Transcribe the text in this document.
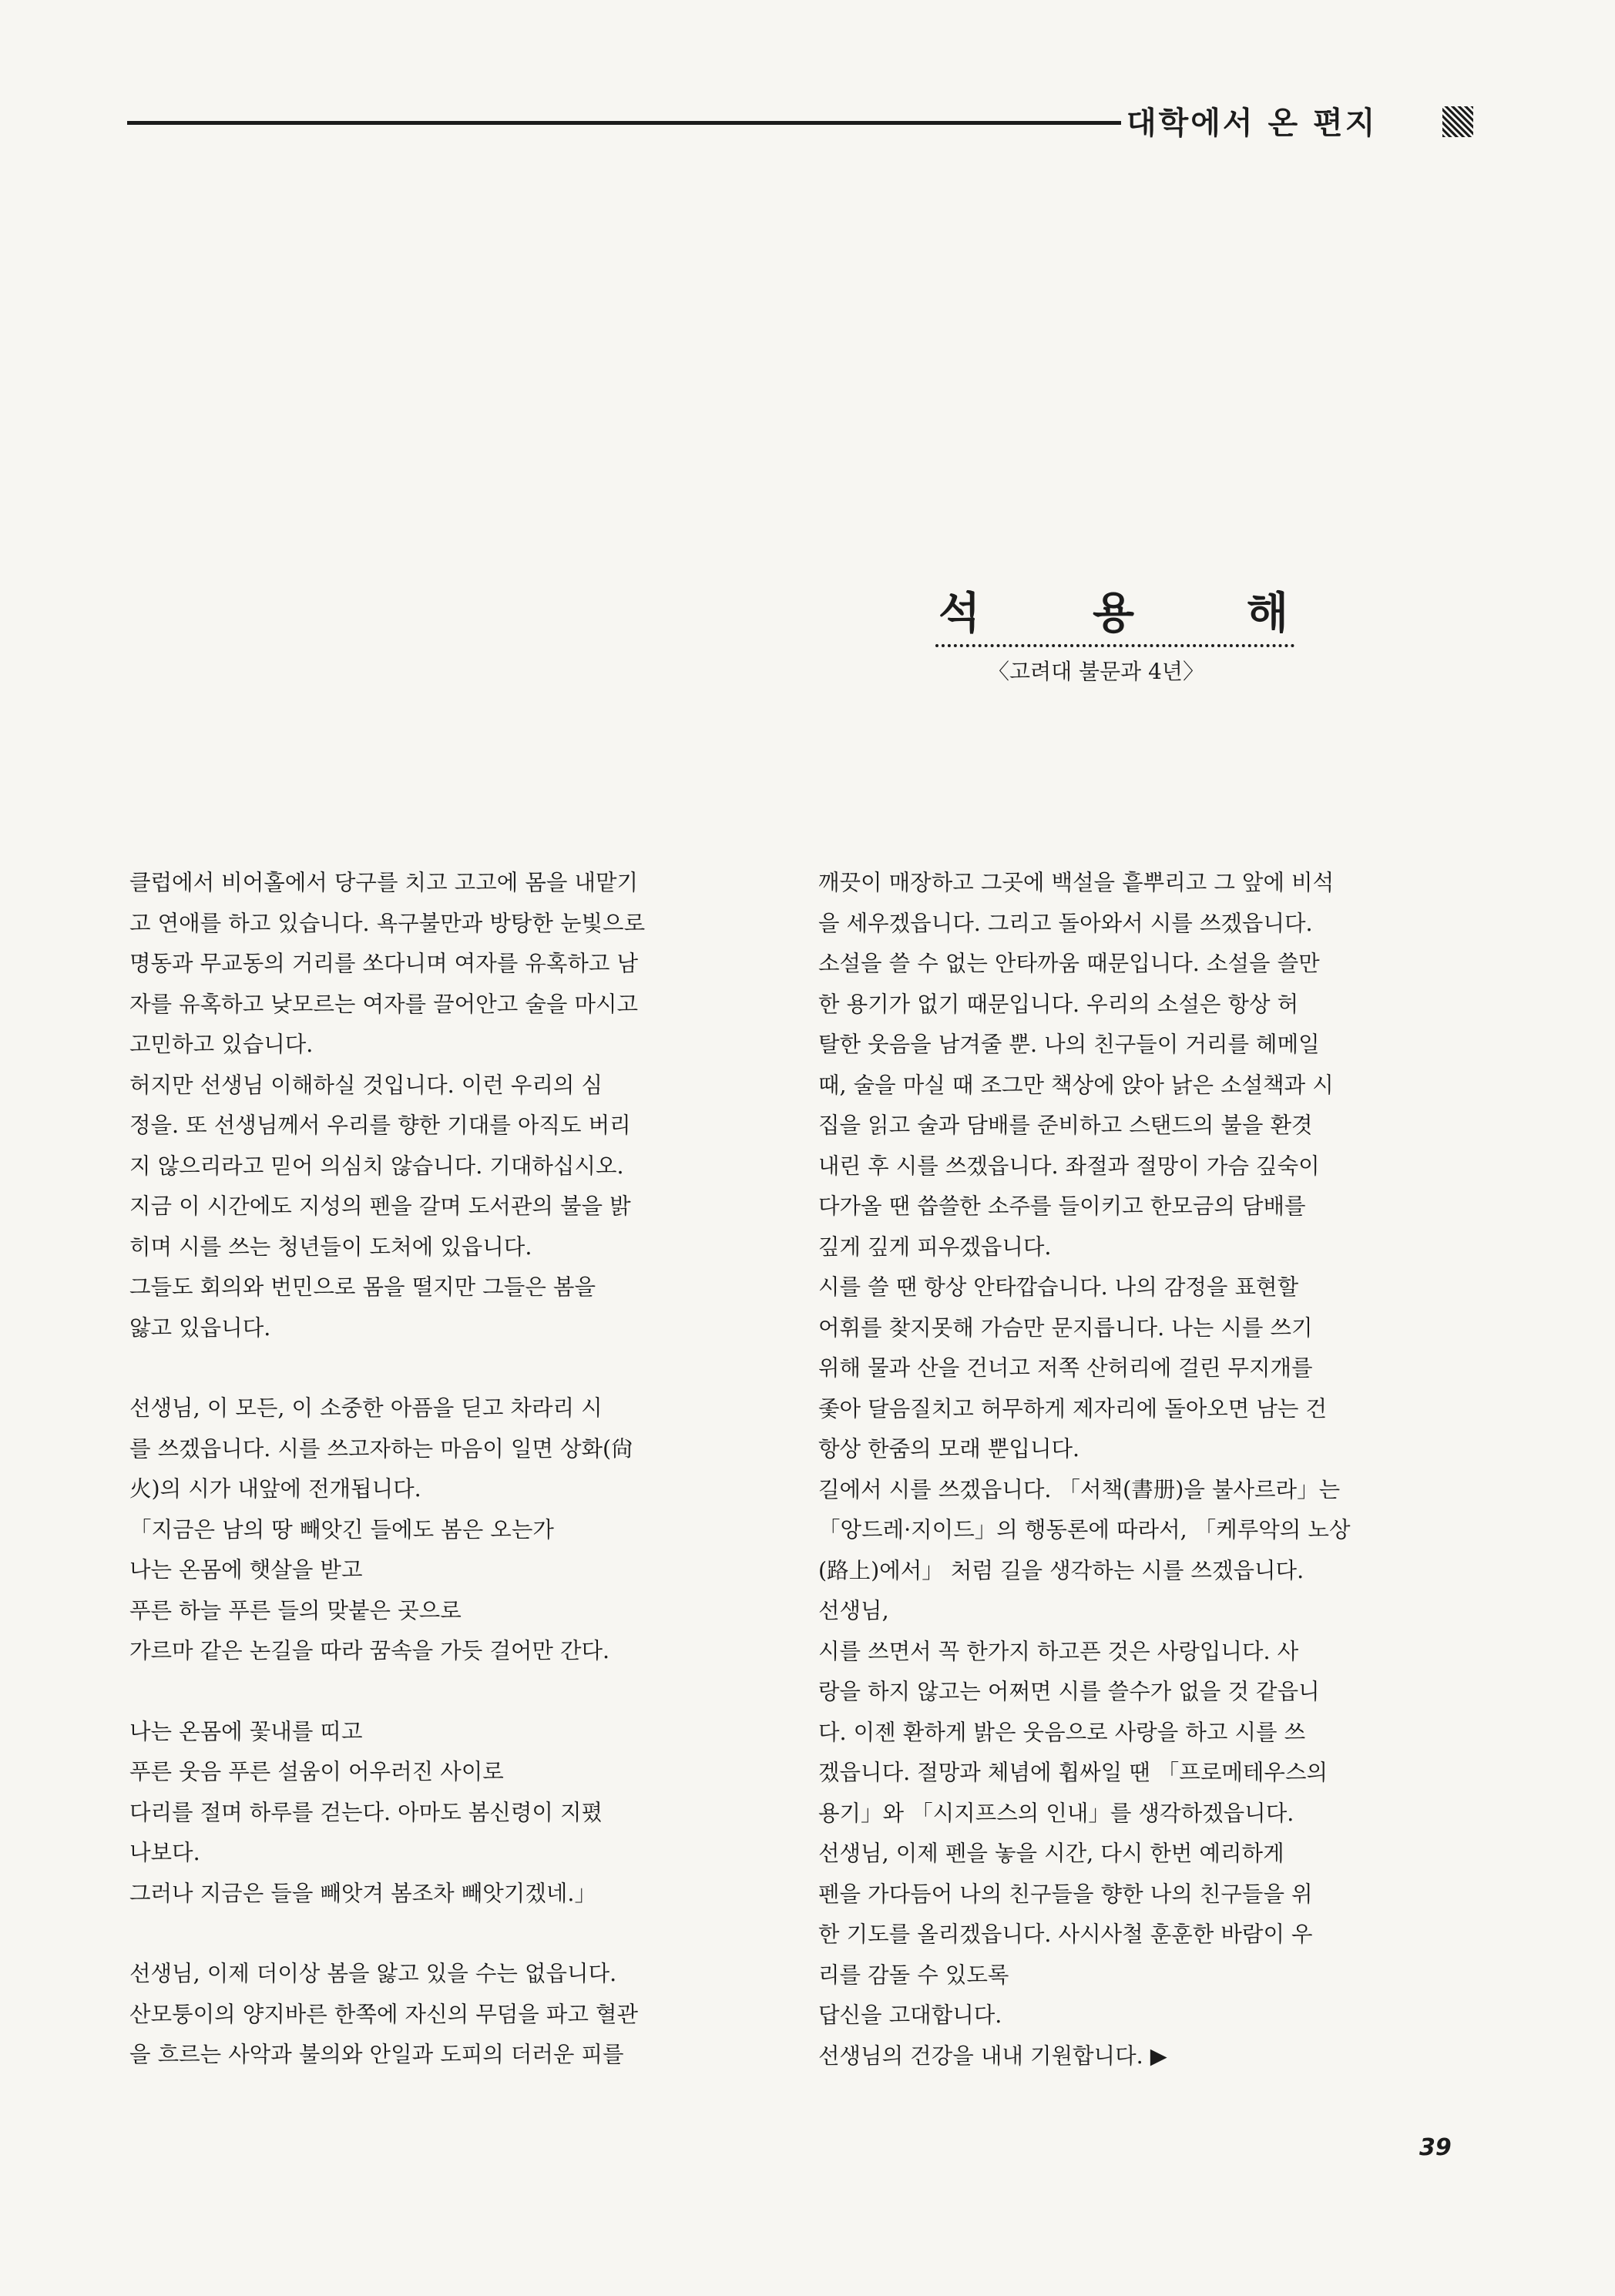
대학에서 온 편지
석	용	해
〈고려대 불문과 4년〉

클럽에서 비어홀에서 당구를 치고 고고에 몸을 내맡기

고 연애를 하고 있습니다. 욕구불만과 방탕한 눈빛으로

명동과 무교동의 거리를 쏘다니며 여자를 유혹하고 남

자를 유혹하고 낮모르는 여자를 끌어안고 술을 마시고

고민하고 있습니다.

허지만 선생님 이해하실 것입니다. 이런 우리의 심

정을. 또 선생님께서 우리를 향한 기대를 아직도 버리

지 않으리라고 믿어 의심치 않습니다. 기대하십시오.

지금 이 시간에도 지성의 펜을 갈며 도서관의 불을 밝

히며 시를 쓰는 청년들이 도처에 있읍니다.

그들도 회의와 번민으로 몸을 떨지만 그들은 봄을

앓고 있읍니다.

선생님, 이 모든, 이 소중한 아픔을 딛고 차라리 시

를 쓰겠읍니다. 시를 쓰고자하는 마음이 일면 상화(尙

火)의 시가 내앞에 전개됩니다.

「지금은 남의 땅 빼앗긴 들에도 봄은 오는가

나는 온몸에 햇살을 받고

푸른 하늘 푸른 들의 맞붙은 곳으로

가르마 같은 논길을 따라 꿈속을 가듯 걸어만 간다.

나는 온몸에 꽃내를 띠고

푸른 웃음 푸른 설움이 어우러진 사이로

다리를 절며 하루를 걷는다. 아마도 봄신령이 지폈

나보다.

그러나 지금은 들을 빼앗겨 봄조차 빼앗기겠네.」

선생님, 이제 더이상 봄을 앓고 있을 수는 없읍니다.

산모퉁이의 양지바른 한쪽에 자신의 무덤을 파고 혈관

을 흐르는 사악과 불의와 안일과 도피의 더러운 피를

깨끗이 매장하고 그곳에 백설을 흩뿌리고 그 앞에 비석

을 세우겠읍니다. 그리고 돌아와서 시를 쓰겠읍니다.

소설을 쓸 수 없는 안타까움 때문입니다. 소설을 쓸만

한 용기가 없기 때문입니다. 우리의 소설은 항상 허

탈한 웃음을 남겨줄 뿐. 나의 친구들이 거리를 헤메일

때, 술을 마실 때 조그만 책상에 앉아 낡은 소설책과 시

집을 읽고 술과 담배를 준비하고 스탠드의 불을 환겻

내린 후 시를 쓰겠읍니다. 좌절과 절망이 가슴 깊숙이

다가올 땐 씁쓸한 소주를 들이키고 한모금의 담배를

깊게 깊게 피우겠읍니다.

시를 쓸 땐 항상 안타깝습니다. 나의 감정을 표현할

어휘를 찾지못해 가슴만 문지릅니다. 나는 시를 쓰기

위해 물과 산을 건너고 저쪽 산허리에 걸린 무지개를

좇아 달음질치고 허무하게 제자리에 돌아오면 남는 건

항상 한줌의 모래 뿐입니다.

길에서 시를 쓰겠읍니다. 「서책(書册)을 불사르라」는

「앙드레·지이드」의 행동론에 따라서, 「케루악의 노상

(路上)에서」 처럼 길을 생각하는 시를 쓰겠읍니다.

선생님,

시를 쓰면서 꼭 한가지 하고픈 것은 사랑입니다. 사

랑을 하지 않고는 어쩌면 시를 쓸수가 없을 것 같읍니

다. 이젠 환하게 밝은 웃음으로 사랑을 하고 시를 쓰

겠읍니다. 절망과 체념에 휩싸일 땐 「프로메테우스의

용기」와 「시지프스의 인내」를 생각하겠읍니다.

선생님, 이제 펜을 놓을 시간, 다시 한번 예리하게

펜을 가다듬어 나의 친구들을 향한 나의 친구들을 위

한 기도를 올리겠읍니다. 사시사철 훈훈한 바람이 우

리를 감돌 수 있도록

답신을 고대합니다.

선생님의 건강을 내내 기원합니다. ▶

39
